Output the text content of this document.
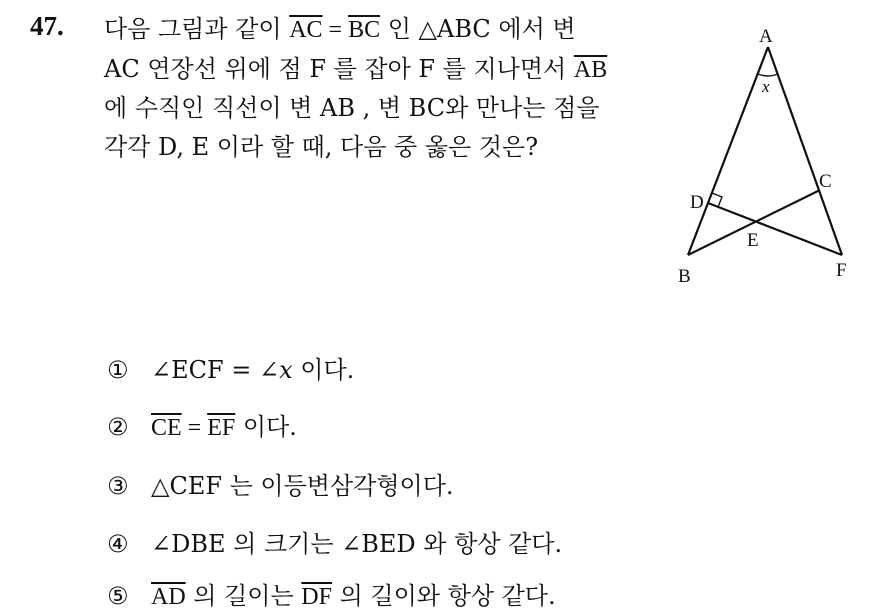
47. 다음 그림과 같이 $\overline{AC} = \overline{BC}$ 인 △ABC 에서 변
AC 연장선 위에 점 F 를 잡아 F 를 지나면서 $\overline{AB}$
에 수직인 직선이 변 AB , 변 BC와 만나는 점을
각각 D, E 이라 할 때, 다음 중 옳은 것은?
A
x
C
D
E
B	F
① ∠ECF = ∠x 이다.
② $\overline{CE} = \overline{EF}$ 이다.
③ △CEF 는 이등변삼각형이다.
④ ∠DBE 의 크기는 ∠BED 와 항상 같다.
⑤ $\overline{AD}$ 의 길이는 $\overline{DF}$ 의 길이와 항상 같다.
